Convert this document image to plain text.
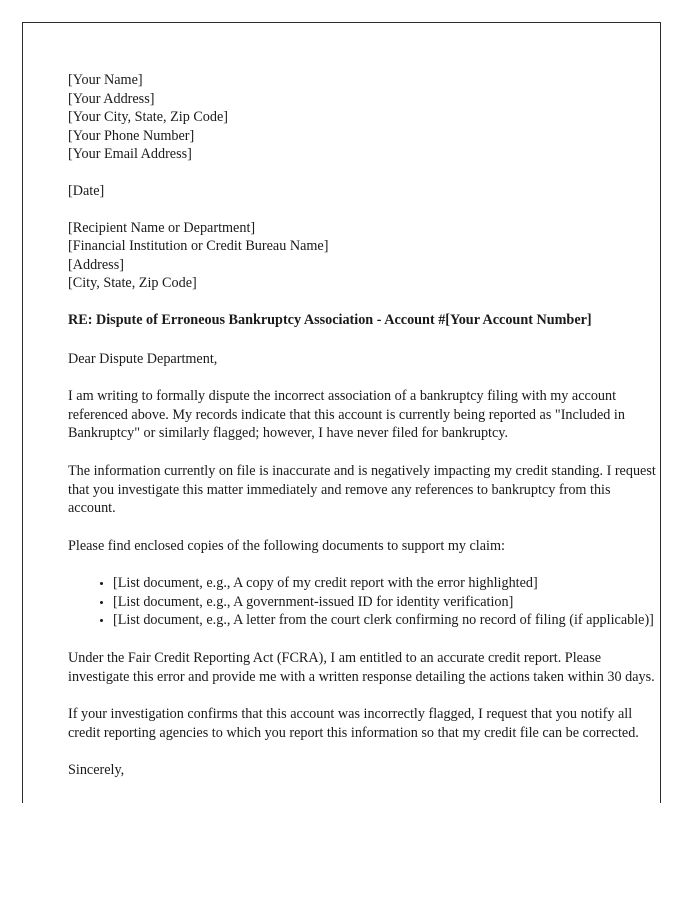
[Your Name]
[Your Address]
[Your City, State, Zip Code]
[Your Phone Number]
[Your Email Address]
[Date]
[Recipient Name or Department]
[Financial Institution or Credit Bureau Name]
[Address]
[City, State, Zip Code]
RE: Dispute of Erroneous Bankruptcy Association - Account #[Your Account Number]
Dear Dispute Department,

I am writing to formally dispute the incorrect association of a bankruptcy filing with my account referenced above. My records indicate that this account is currently being reported as "Included in Bankruptcy" or similarly flagged; however, I have never filed for bankruptcy.

The information currently on file is inaccurate and is negatively impacting my credit standing. I request that you investigate this matter immediately and remove any references to bankruptcy from this account.

Please find enclosed copies of the following documents to support my claim:

• [List document, e.g., A copy of my credit report with the error highlighted]
• [List document, e.g., A government-issued ID for identity verification]
• [List document, e.g., A letter from the court clerk confirming no record of filing (if applicable)]

Under the Fair Credit Reporting Act (FCRA), I am entitled to an accurate credit report. Please investigate this error and provide me with a written response detailing the actions taken within 30 days.

If your investigation confirms that this account was incorrectly flagged, I request that you notify all credit reporting agencies to which you report this information so that my credit file can be corrected.

Sincerely,
